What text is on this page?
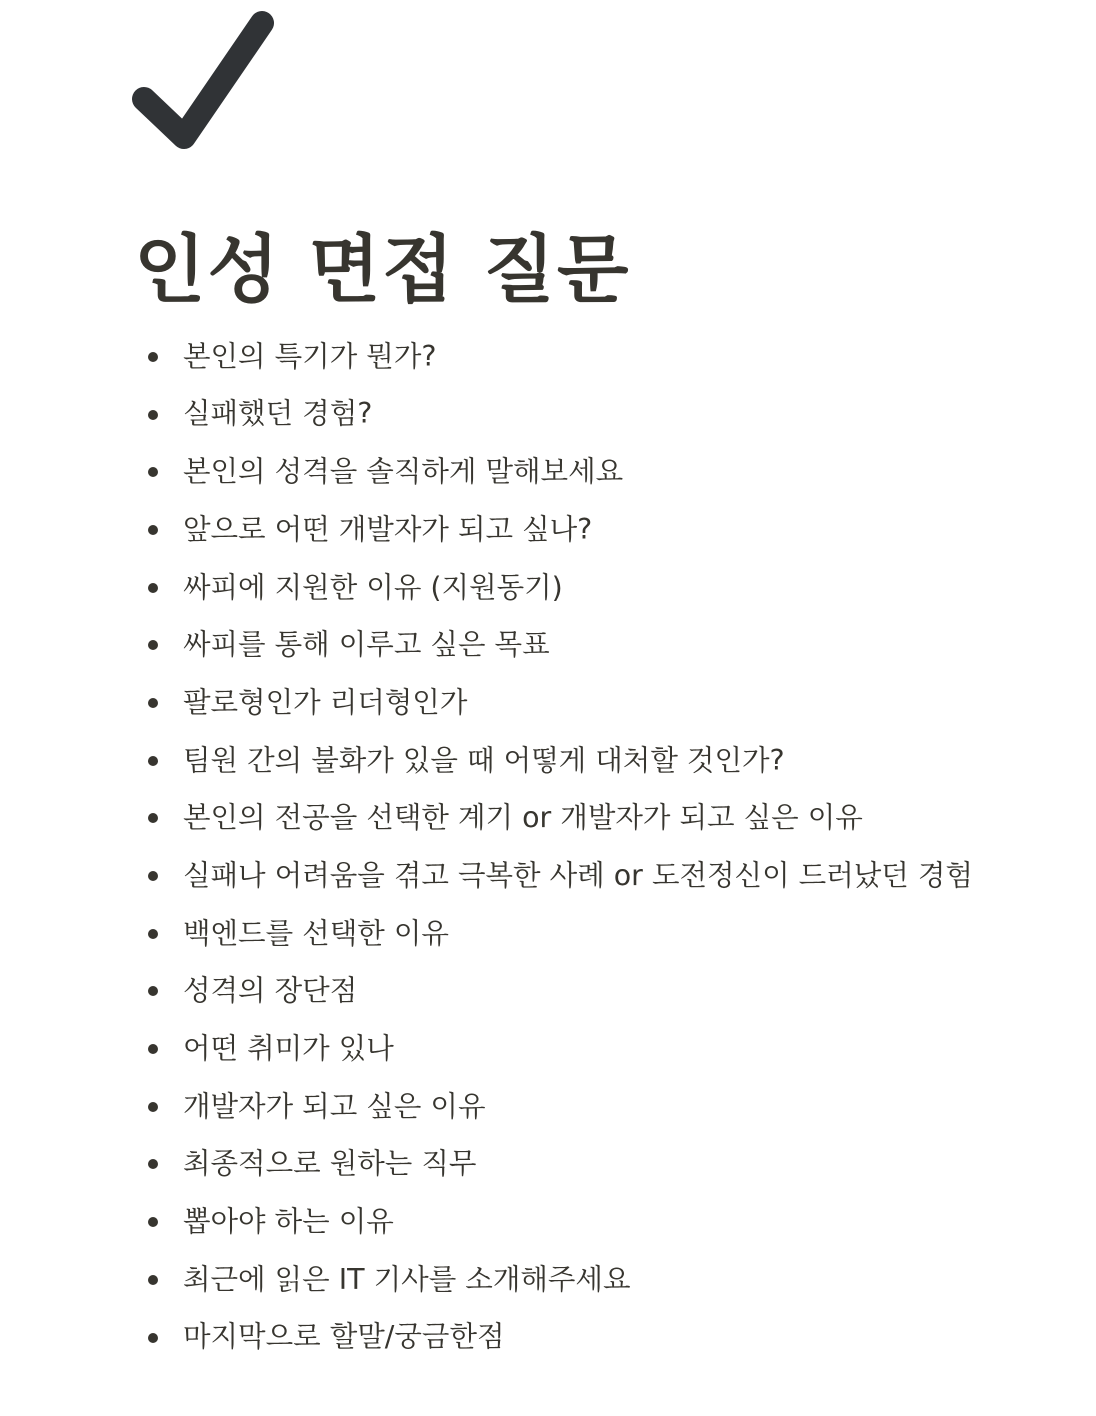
인성 면접 질문
본인의 특기가 뭔가?
실패했던 경험?
본인의 성격을 솔직하게 말해보세요
앞으로 어떤 개발자가 되고 싶나?
싸피에 지원한 이유 (지원동기)
싸피를 통해 이루고 싶은 목표
팔로형인가 리더형인가
팀원 간의 불화가 있을 때 어떻게 대처할 것인가?
본인의 전공을 선택한 계기 or 개발자가 되고 싶은 이유
실패나 어려움을 겪고 극복한 사례 or 도전정신이 드러났던 경험
백엔드를 선택한 이유
성격의 장단점
어떤 취미가 있나
개발자가 되고 싶은 이유
최종적으로 원하는 직무
뽑아야 하는 이유
최근에 읽은 IT 기사를 소개해주세요
마지막으로 할말/궁금한점
